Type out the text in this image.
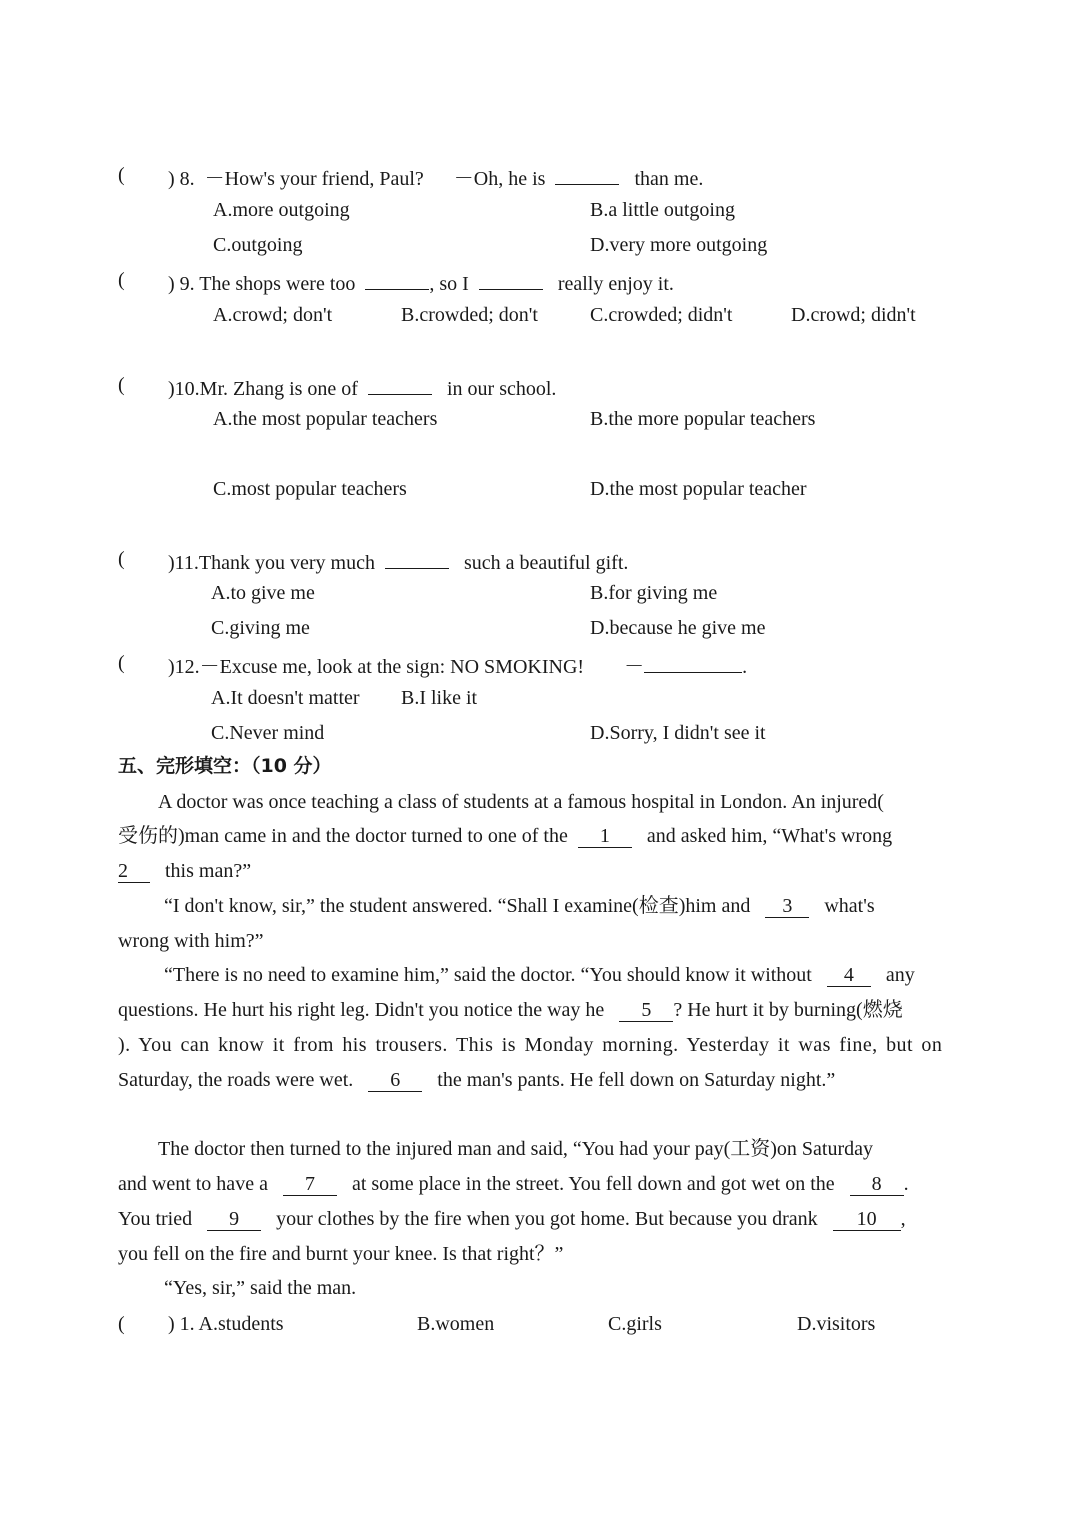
( ) 8. －How's your friend, Paul? －Oh, he is	than me.
A.more outgoing	B.a little outgoing
C.outgoing	D.very more outgoing
( ) 9. The shops were too	, so I	really enjoy it.
A.crowd; don't	B.crowded; don't	C.crowded; didn't	D.crowd; didn't
( )10.Mr. Zhang is one of	in our school.
A.the most popular teachers	B.the more popular teachers
C.most popular teachers	D.the most popular teacher
( )11.Thank you very much	such a beautiful gift.
A.to give me	B.for giving me
C.giving me	D.because he give me
( )12.－Excuse me, look at the sign: NO SMOKING! －	.
A.It doesn't matter B.I like it
C.Never mind	D.Sorry, I didn't see it
五、完形填空：（10 分）
A doctor was once teaching a class of students at a famous hospital in London. An injured(
受伤的)man came in and the doctor turned to one of the 1 and asked him, “What's wrong
2 this man?”
“I don't know, sir,” the student answered. “Shall I examine(检查)him and 3 what's
wrong with him?”
“There is no need to examine him,” said the doctor. “You should know it without 4 any
questions. He hurt his right leg. Didn't you notice the way he 5 ? He hurt it by burning(燃烧
). You can know it from his trousers. This is Monday morning. Yesterday it was fine, but on
Saturday, the roads were wet. 6 the man's pants. He fell down on Saturday night.”
The doctor then turned to the injured man and said, “You had your pay(工资)on Saturday
and went to have a 7 at some place in the street. You fell down and got wet on the 8 .
You tried 9 your clothes by the fire when you got home. But because you drank 10 ,
you fell on the fire and burnt your knee. Is that right？”
“Yes, sir,” said the man.
( ) 1. A.students	B.women	C.girls	D.visitors
